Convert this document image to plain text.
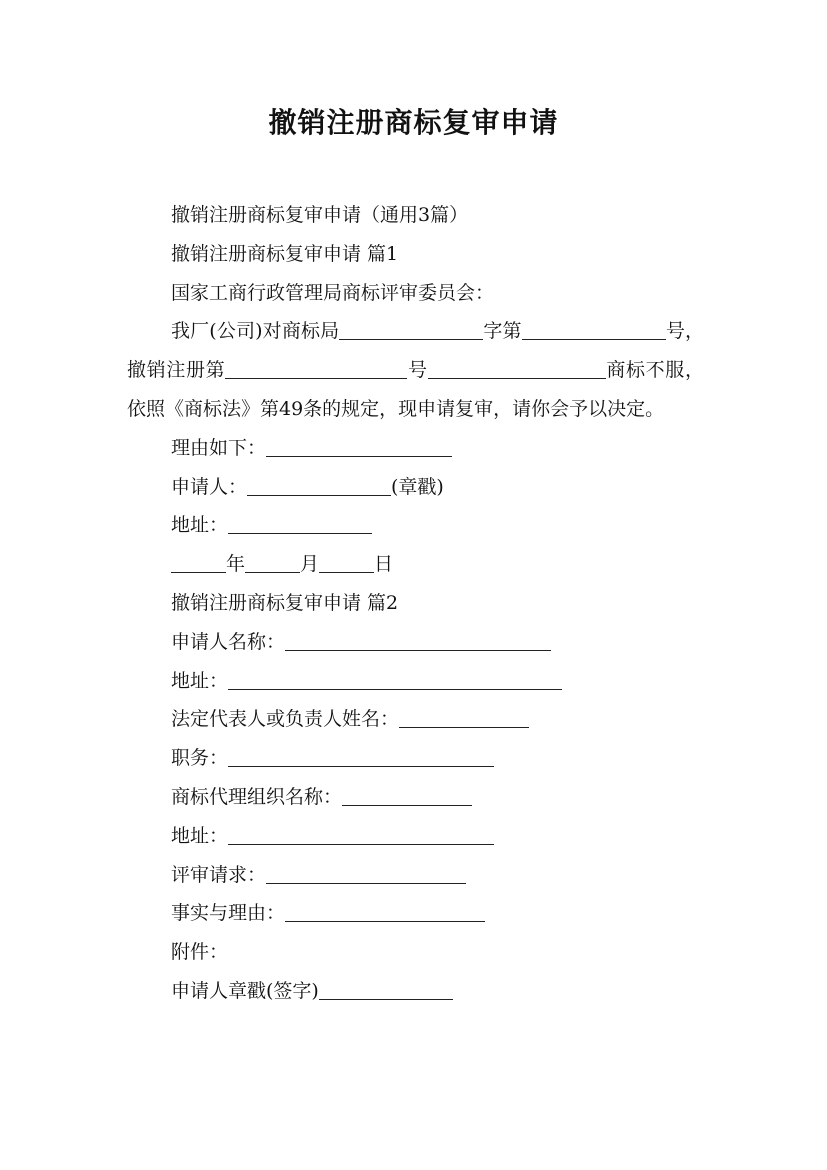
撤销注册商标复审申请

撤销注册商标复审申请（通用3篇）

撤销注册商标复审申请 篇1

国家工商行政管理局商标评审委员会：

我厂(公司)对商标局	字第	号，撤销注册第	号	商标不服，依照《商标法》第49条的规定，现申请复审，请你会予以决定。

理由如下：

申请人：	(章戳)

地址：

年	月	日

撤销注册商标复审申请 篇2

申请人名称：

地址：

法定代表人或负责人姓名：

职务：

商标代理组织名称：

地址：

评审请求：

事实与理由：

附件：

申请人章戳(签字)
